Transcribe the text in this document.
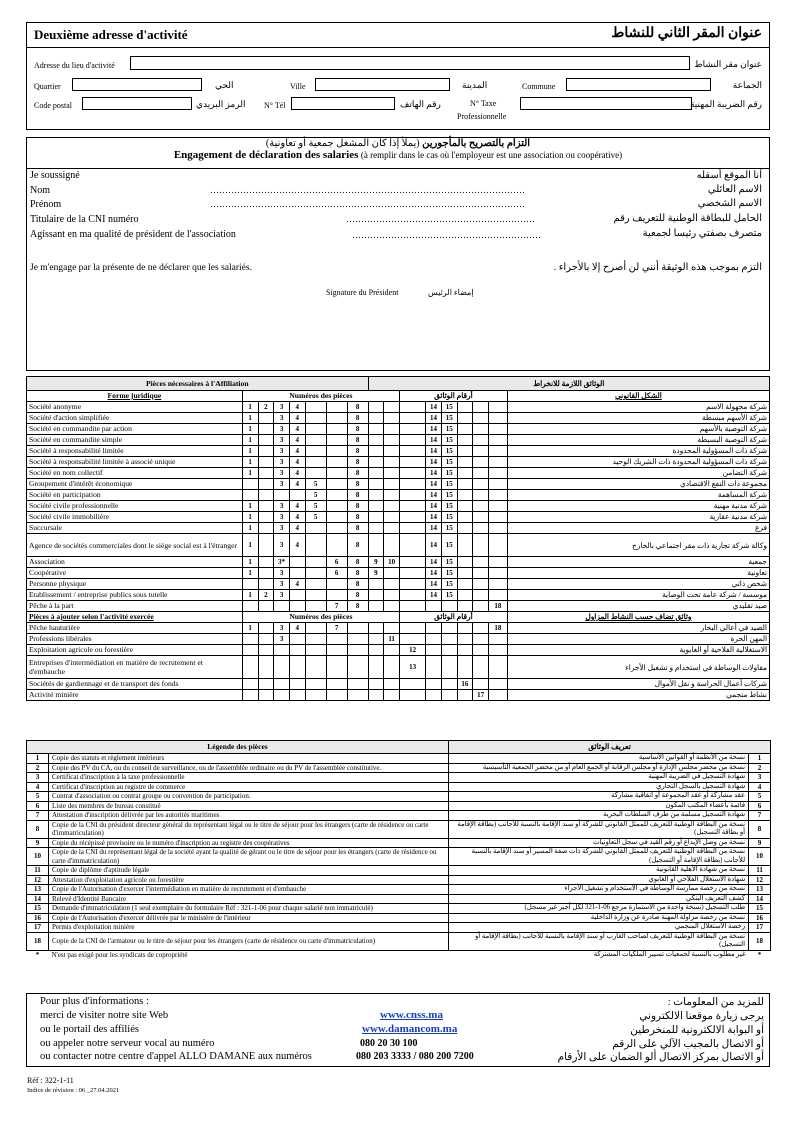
Deuxième adresse d'activité	عنوان المقر الثاني للنشاط
Adresse du lieu d'activité	عنوان مقر النشاط
Quartier	الحي	Ville	المدينة	Commune	الجماعة
Code postal	الرمز البريدي N° Tél	رقم الهاتف	N° Taxe
Professionnelle
رقم الضريبة المهنية
التزام بالتصريح بالمأجورين (يملأ إذا كان المشغل جمعية أو تعاونية)
Engagement de déclaration des salaries (à remplir dans le cas où l'employeur est une association ou coopérative)
Je soussigné	أنا الموقع أسفله
Nom	……………………………………………………………………………………………	الاسم العائلي
Prénom	……………………………………………………………………………………………	الاسم الشخصي
Titulaire de la CNI numéro	………………………………………………………	الحامل للبطاقة الوطنية للتعريف رقم
Agissant en ma qualité de président de l'association	………………………………………………………	متصرف بصفتي رئيسا لجمعية
Je m'engage par la présente de ne déclarer que les salariés.	التزم بموجب هذه الوثيقة أنني لن أصرح إلا بالأجراء .
Signature du Président	إمضاء الرئيس
Pièces nécessaires à l'Affiliation								الوثائق اللازمة للانخراط								
Forme juridique	Numéros des pièces									أرقام الوثائق						الشكل القانوني
Société anonyme	1	2	3	4			8				14	15				شركة مجهولة الاسم
Société d'action simplifiée	1		3	4			8				14	15				شركة الأسهم مبسطة
Société en commandite par action	1		3	4			8				14	15				شركة التوصية بالأسهم
Société en commandite simple	1		3	4			8				14	15				شركة التوصية البسيطة
Société à responsabilité limitée	1		3	4			8				14	15				شركة ذات المسؤولية المحدودة
Société à responsabilité limitée à associé unique	1		3	4			8				14	15				شركة ذات المسؤولية المحدودة ذات الشريك الوحيد
Société en nom collectif	1		3	4			8				14	15				شركة التضامن
Groupement d'intérêt économique			3	4	5		8				14	15				مجموعة ذات النفع الاقتصادي
Société en participation					5		8				14	15				شركة المساهمة
Société civile professionnelle	1		3	4	5		8				14	15				شركة مدنية مهنية
Société civile immobilière	1		3	4	5		8				14	15				شركة مدنية عقارية
Succursale	1		3	4			8				14	15				فرع
Agence de sociétés commerciales dont le siège social est à l'étranger	1		3	4			8				14	15				وكالة شركة تجارية ذات مقر اجتماعي بالخارج
Association	1		3*			6	8	9	10		14	15				جمعية
Coopérative	1		3			6	8	9			14	15				تعاونية
Personne physique			3	4			8				14	15				شخص ذاتي
Etablissement / entreprise publics sous tutelle	1	2	3				8				14	15				موسسة / شركة عامة تحت الوصاية
Pêche à la part						7	8								18	صيد تقليدي
Pièces à ajouter selon l'activité exercée	Numéros des pièces									أرقام الوثائق						وثائق تضاف حسب النشاط المزاول
Pêche hauturière	1		3	4		7									18	الصيد في أعالي البحار
Professions libérales			3						11							المهن الحرة
Exploitation agricole ou forestière										12						الاستغلالية الفلاحية أو الغابوية
Entreprises d'intermédiation en matière de recrutement et d'embauche										13						مقاولات الوساطة في استخدام و تشغيل الأجراء
Sociétés de gardiennage et de transport des fonds													16			شركات أعمال الحراسة و نقل الأموال
Activité minière														17		نشاط منجمي
Légende des pièces		تعريف الوثائق	
1	Copie des statuts et règlement intérieurs	نسخة من الأنظمة أو القوانين الأساسية	1
2	Copie des PV du CA, ou du conseil de surveillance, ou de l'assemblée ordinaire ou du PV de l'assemblée constitutive.	نسخة من محضر مجلس الإدارة أو مجلس الرقابة أو الجمع العام أو من محضر الجمعية التأسيسية	2
3	Certificat d'inscription à la taxe professionnelle	شهادة التسجيل في الضريبة المهنية	3
4	Certificat d'inscription au registre de commerce	شهادة التسجيل بالسجل التجاري	4
5	Contrat d'association ou contrat groupe ou convention de participation.	عقد مشاركة أو عقد المجموعة أو اتفاقية مشاركة	5
6	Liste des membres de bureau constitué	قائمة بأعضاء المكتب المكون	6
7	Attestation d'inscription délivrée par les autorités maritimes	شهادة التسجيل مسلمة من طرف السلطات البحرية	7
8	Copie de la CNI du président directeur général du représentant légal ou le titre de séjour pour les étrangers (carte de résidence ou carte d'immatriculation)	نسخة من البطاقة الوطنية للتعريف للممثل القانوني للشركة أو سند الإقامة بالنسبة للأجانب (بطاقة الإقامة أو بطاقة التسجيل)	8
9	Copie du récépissé provisoire ou le numéro d'inscription au registre des coopératives	نسخة من وصل الإيداع أو رقم القيد في سجل التعاونيات	9
10	Copie de la CNI du représentant légal de la société ayant la qualité de gérant ou le titre de séjour pour les étrangers (carte de résidence ou carte d'immatriculation)	نسخة من البطاقة الوطنية للتعريف للممثل القانوني للشركة ذات صفة المسير أو سند الإقامة بالنسبة للأجانب (بطاقة الإقامة أو التسجيل)	10
11	Copie de diplôme d'aptitude légale	نسخة من شهادة الأهلية القانونية	11
12	Attestation d'exploitation agricole ou forestière	شهادة الاستغلال الفلاحي أو الغابوي	12
13	Copie de l'Autorisation d'exercer l'intermédiation en matière de recrutement et d'embauche	نسخة من رخصة ممارسة الوساطة في الاستخدام و تشغيل الأجراء	13
14	Relevé d'Identité Bancaire	كشف التعريف البنكي	14
15	Demande d'immatriculation (1 seul exemplaire du formulaire Réf : 321-1-06 pour chaque salarié non immatriculé)	طلب التسجيل (نسخة واحدة من الاستمارة مرجع 06-1-321 لكل أجير غير مسجل)	15
16	Copie de l'Autorisation d'exercer délivrée par le ministère de l'intérieur	نسخة من رخصة مزاولة المهنة صادرة عن وزارة الداخلية	16
17	Permis d'exploitation minière	رخصة الاستغلال المنجمي	17
18	Copie de la CNI de l'armateur ou le titre de séjour pour les étrangers (carte de résidence ou carte d'immatriculation)	نسخة من البطاقة الوطنية للتعريف لصاحب القارب أو سند الإقامة بالنسبة للأجانب (بطاقة الإقامة أو التسجيل)	18
*	N'est pas exigé pour les syndicats de copropriété	غير مطلوب بالنسبة لجمعيات تسيير الملكيات المشتركة	*
Pour plus d'informations :	للمزيد من المعلومات :
merci de visiter notre site Web	www.cnss.ma	يرجى زيارة موقعنا الالكتروني
ou le portail des affiliés	www.damancom.ma	أو البوابة الالكترونية للمنخرطين
ou appeler notre serveur vocal au numéro	080 20 30 100	أو الاتصال بالمجيب الآلي على الرقم
ou contacter notre centre d'appel ALLO DAMANE aux numéros	080 203 3333 / 080 200 7200	أو الاتصال بمركز الاتصال ألو الضمان على الأرقام
Réf : 322-1-11
Indice de révision : 06 _27.04.2021
